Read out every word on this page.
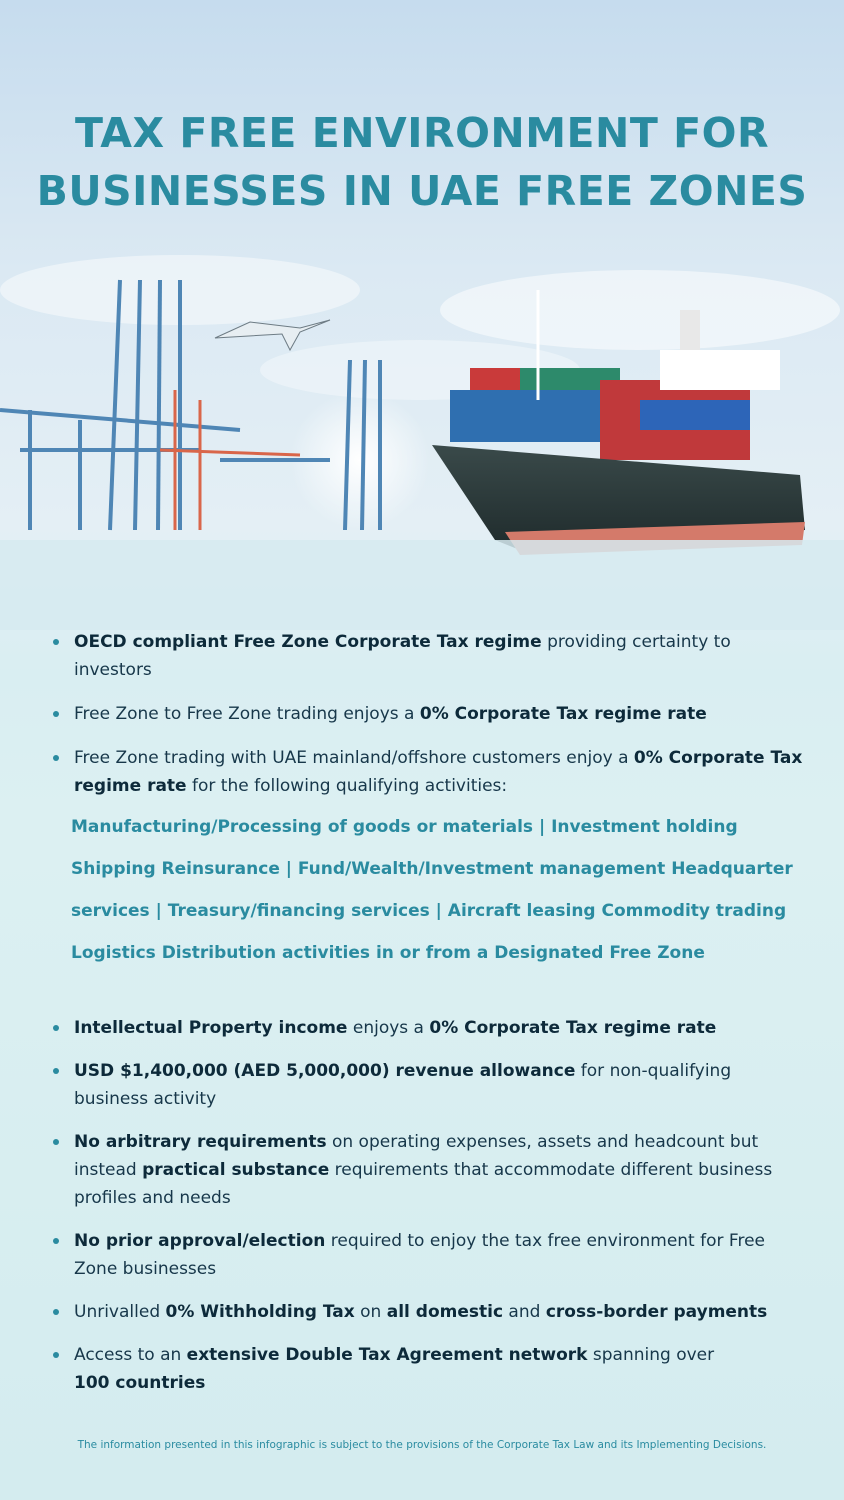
TAX FREE ENVIRONMENT FOR
BUSINESSES IN UAE FREE ZONES
OECD compliant Free Zone Corporate Tax regime providing certainty to investors
Free Zone to Free Zone trading enjoys a 0% Corporate Tax regime rate
Free Zone trading with UAE mainland/offshore customers enjoy a 0% Corporate Tax regime rate for the following qualifying activities:
Manufacturing/Processing of goods or materials | Investment holding
Shipping Reinsurance | Fund/Wealth/Investment management Headquarter
services | Treasury/financing services | Aircraft leasing Commodity trading
Logistics Distribution activities in or from a Designated Free Zone
Intellectual Property income enjoys a 0% Corporate Tax regime rate
USD $1,400,000 (AED 5,000,000) revenue allowance for non-qualifying business activity
No arbitrary requirements on operating expenses, assets and headcount but instead practical substance requirements that accommodate different business profiles and needs
No prior approval/election required to enjoy the tax free environment for Free Zone businesses
Unrivalled 0% Withholding Tax on all domestic and cross-border payments
Access to an extensive Double Tax Agreement network spanning over
100 countries
The information presented in this infographic is subject to the provisions of the Corporate Tax Law and its Implementing Decisions.
